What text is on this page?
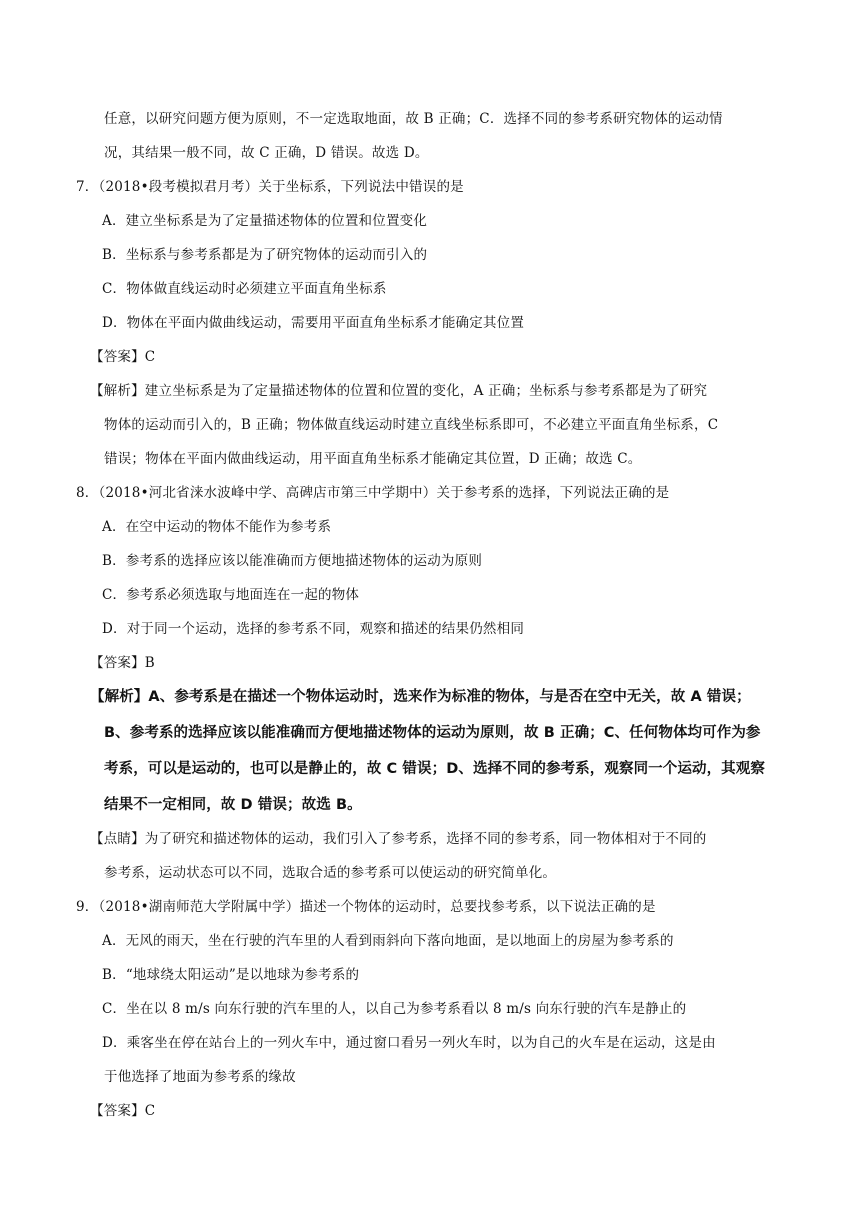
任意，以研究问题方便为原则，不一定选取地面，故 B 正确；C．选择不同的参考系研究物体的运动情
况，其结果一般不同，故 C 正确，D 错误。故选 D。
7．（2018•段考模拟君月考）关于坐标系，下列说法中错误的是
A．建立坐标系是为了定量描述物体的位置和位置变化
B．坐标系与参考系都是为了研究物体的运动而引入的
C．物体做直线运动时必须建立平面直角坐标系
D．物体在平面内做曲线运动，需要用平面直角坐标系才能确定其位置
【答案】C
【解析】建立坐标系是为了定量描述物体的位置和位置的变化，A 正确；坐标系与参考系都是为了研究
物体的运动而引入的，B 正确；物体做直线运动时建立直线坐标系即可，不必建立平面直角坐标系，C
错误；物体在平面内做曲线运动，用平面直角坐标系才能确定其位置，D 正确；故选 C。
8．（2018•河北省涞水波峰中学、高碑店市第三中学期中）关于参考系的选择，下列说法正确的是
A．在空中运动的物体不能作为参考系
B．参考系的选择应该以能准确而方便地描述物体的运动为原则
C．参考系必须选取与地面连在一起的物体
D．对于同一个运动，选择的参考系不同，观察和描述的结果仍然相同
【答案】B
【解析】A、参考系是在描述一个物体运动时，选来作为标准的物体，与是否在空中无关，故 A 错误；
B、参考系的选择应该以能准确而方便地描述物体的运动为原则，故 B 正确；C、任何物体均可作为参
考系，可以是运动的，也可以是静止的，故 C 错误；D、选择不同的参考系，观察同一个运动，其观察
结果不一定相同，故 D 错误；故选 B。
【点睛】为了研究和描述物体的运动，我们引入了参考系，选择不同的参考系，同一物体相对于不同的
参考系，运动状态可以不同，选取合适的参考系可以使运动的研究简单化。
9．（2018•湖南师范大学附属中学）描述一个物体的运动时，总要找参考系，以下说法正确的是
A．无风的雨天，坐在行驶的汽车里的人看到雨斜向下落向地面，是以地面上的房屋为参考系的
B．“地球绕太阳运动”是以地球为参考系的
C．坐在以 8 m/s 向东行驶的汽车里的人，以自己为参考系看以 8 m/s 向东行驶的汽车是静止的
D．乘客坐在停在站台上的一列火车中，通过窗口看另一列火车时，以为自己的火车是在运动，这是由
于他选择了地面为参考系的缘故
【答案】C
